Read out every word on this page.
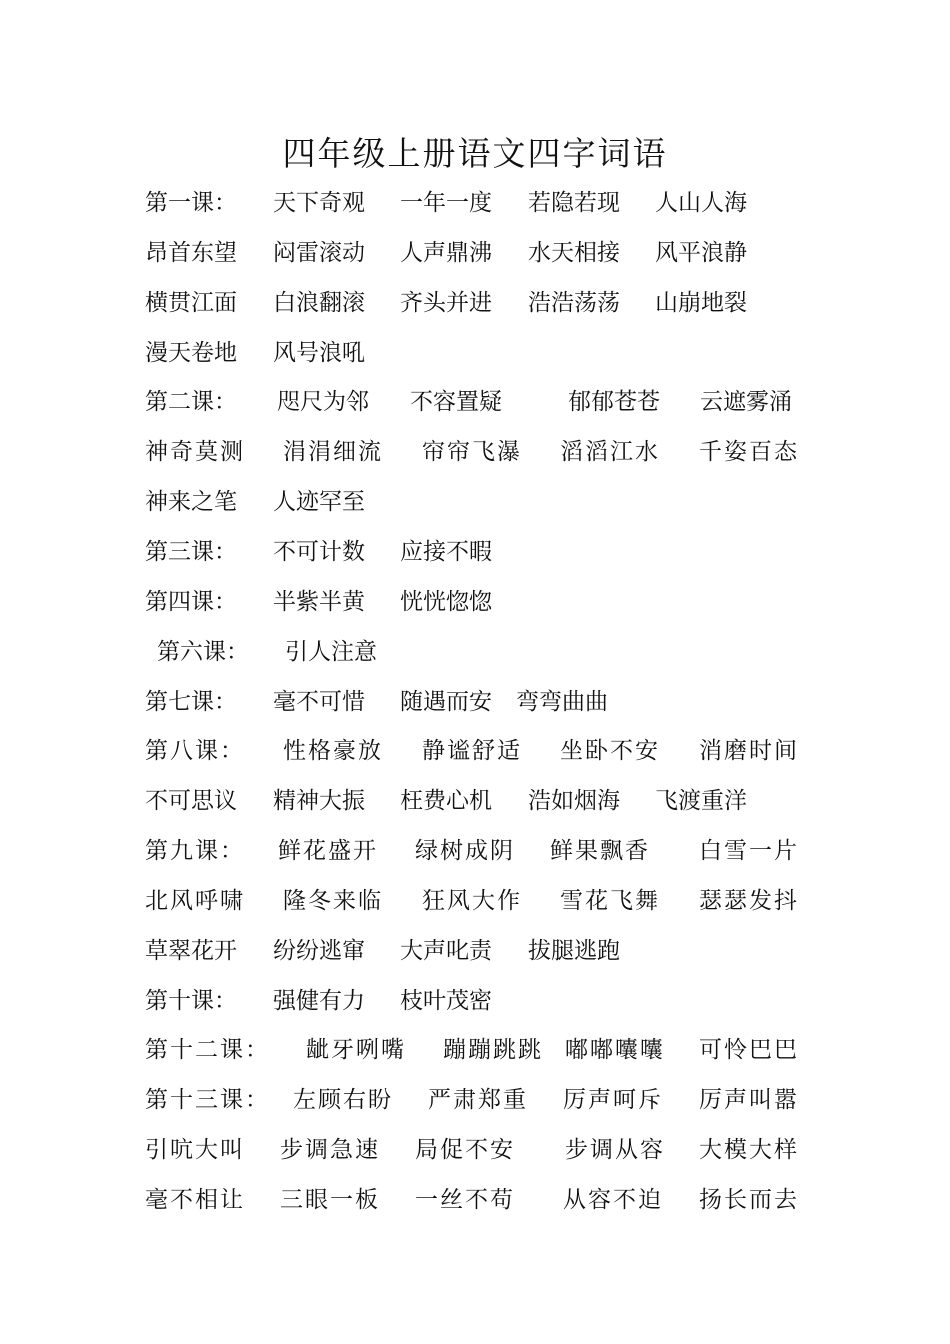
四年级上册语文四字词语
第一课： 天下奇观 一年一度 若隐若现 人山人海
昂首东望 闷雷滚动 人声鼎沸 水天相接 风平浪静
横贯江面 白浪翻滚 齐头并进 浩浩荡荡 山崩地裂
漫天卷地 风号浪吼
第二课： 咫尺为邻 不容置疑	郁郁苍苍 云遮雾涌
神奇莫测 涓涓细流 帘帘飞瀑 滔滔江水 千姿百态
神来之笔 人迹罕至
第三课： 不可计数 应接不暇
第四课： 半紫半黄 恍恍惚惚
第六课： 引人注意
第七课： 毫不可惜 随遇而安 弯弯曲曲
第八课： 性格豪放 静谧舒适 坐卧不安 消磨时间
不可思议 精神大振 枉费心机 浩如烟海 飞渡重洋
第九课： 鲜花盛开 绿树成阴 鲜果飘香 白雪一片
北风呼啸 隆冬来临 狂风大作 雪花飞舞 瑟瑟发抖
草翠花开 纷纷逃窜 大声叱责 拔腿逃跑
第十课： 强健有力 枝叶茂密
第十二课： 龇牙咧嘴 蹦蹦跳跳 嘟嘟囔囔 可怜巴巴
第十三课： 左顾右盼 严肃郑重 厉声呵斥 厉声叫嚣
引吭大叫 步调急速 局促不安 步调从容 大模大样
毫不相让 三眼一板 一丝不苟 从容不迫 扬长而去
